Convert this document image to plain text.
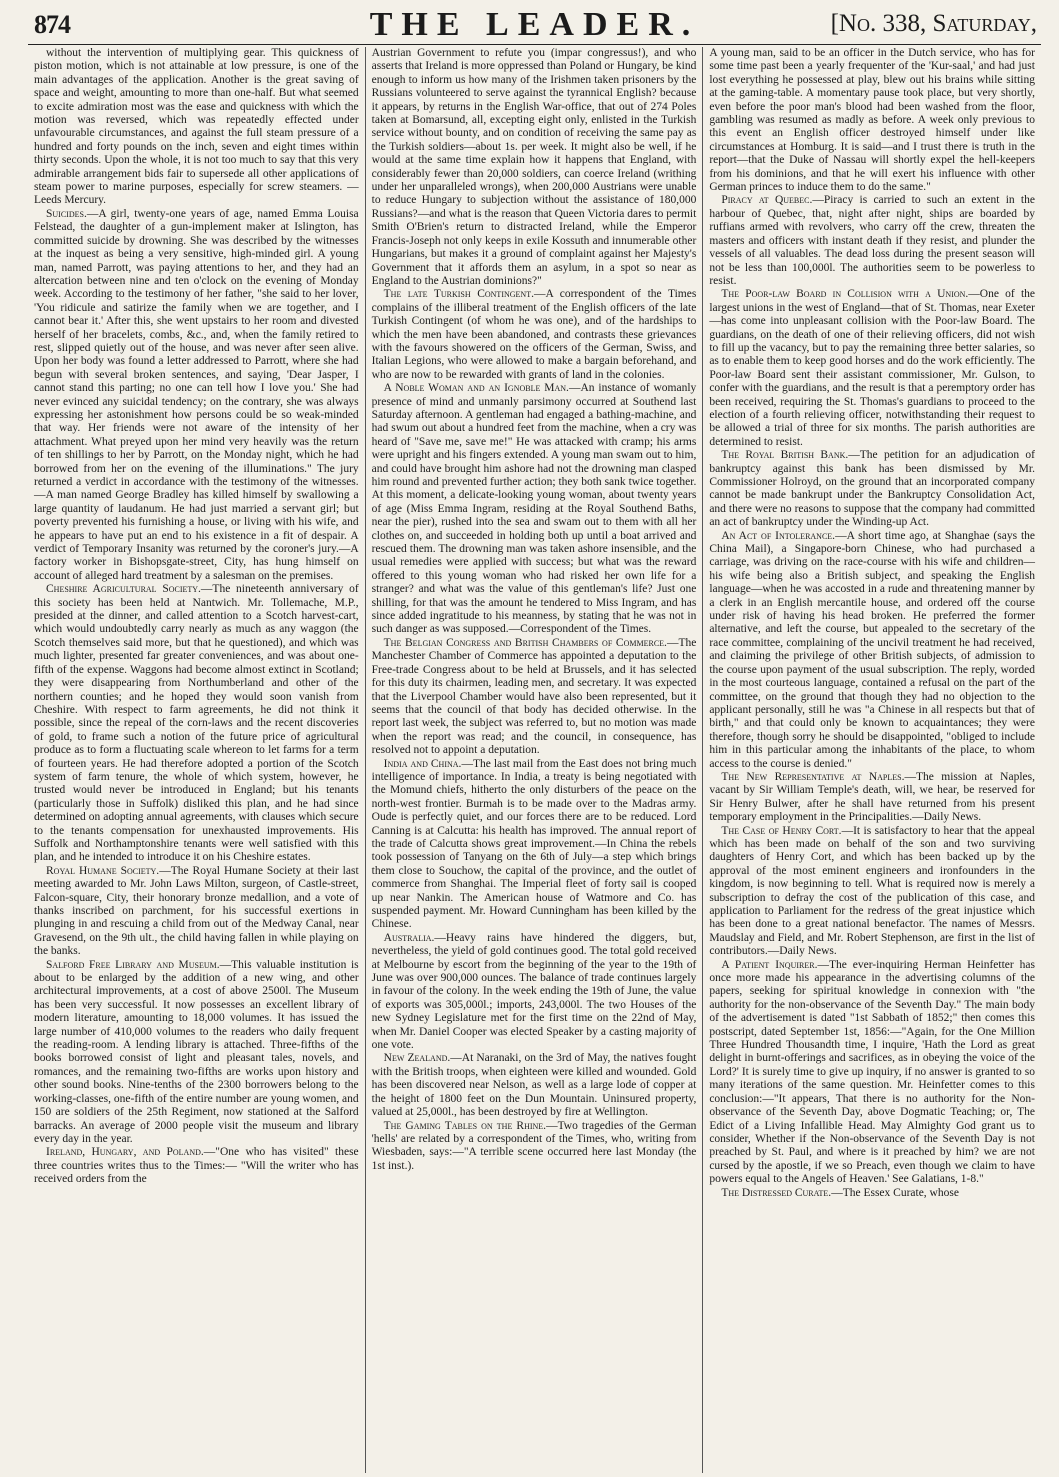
874	THE LEADER.	[No. 338, Saturday,

without the intervention of multiplying gear. This quickness of piston motion, which is not attainable at low pressure, is one of the main advantages of the application. Another is the great saving of space and weight, amounting to more than one-half. But what seemed to excite admiration most was the ease and quickness with which the motion was reversed, which was repeatedly effected under unfavourable circumstances, and against the full steam pressure of a hundred and forty pounds on the inch, seven and eight times within thirty seconds. Upon the whole, it is not too much to say that this very admirable arrangement bids fair to supersede all other applications of steam power to marine purposes, especially for screw steamers. —Leeds Mercury.

Suicides.—A girl, twenty-one years of age, named Emma Louisa Felstead, the daughter of a gun-implement maker at Islington, has committed suicide by drowning. She was described by the witnesses at the inquest as being a very sensitive, high-minded girl. A young man, named Parrott, was paying attentions to her, and they had an altercation between nine and ten o'clock on the evening of Monday week. According to the testimony of her father, "she said to her lover, 'You ridicule and satirize the family when we are together, and I cannot bear it.' After this, she went upstairs to her room and divested herself of her bracelets, combs, &c., and, when the family retired to rest, slipped quietly out of the house, and was never after seen alive. Upon her body was found a letter addressed to Parrott, where she had begun with several broken sentences, and saying, 'Dear Jasper, I cannot stand this parting; no one can tell how I love you.' She had never evinced any suicidal tendency; on the contrary, she was always expressing her astonishment how persons could be so weak-minded that way. Her friends were not aware of the intensity of her attachment. What preyed upon her mind very heavily was the return of ten shillings to her by Parrott, on the Monday night, which he had borrowed from her on the evening of the illuminations." The jury returned a verdict in accordance with the testimony of the witnesses.—A man named George Bradley has killed himself by swallowing a large quantity of laudanum. He had just married a servant girl; but poverty prevented his furnishing a house, or living with his wife, and he appears to have put an end to his existence in a fit of despair. A verdict of Temporary Insanity was returned by the coroner's jury.—A factory worker in Bishopsgate-street, City, has hung himself on account of alleged hard treatment by a salesman on the premises.

Cheshire Agricultural Society.—The nineteenth anniversary of this society has been held at Nantwich. Mr. Tollemache, M.P., presided at the dinner, and called attention to a Scotch harvest-cart, which would undoubtedly carry nearly as much as any waggon (the Scotch themselves said more, but that he questioned), and which was much lighter, presented far greater conveniences, and was about one-fifth of the expense. Waggons had become almost extinct in Scotland; they were disappearing from Northumberland and other of the northern counties; and he hoped they would soon vanish from Cheshire. With respect to farm agreements, he did not think it possible, since the repeal of the corn-laws and the recent discoveries of gold, to frame such a notion of the future price of agricultural produce as to form a fluctuating scale whereon to let farms for a term of fourteen years. He had therefore adopted a portion of the Scotch system of farm tenure, the whole of which system, however, he trusted would never be introduced in England; but his tenants (particularly those in Suffolk) disliked this plan, and he had since determined on adopting annual agreements, with clauses which secure to the tenants compensation for unexhausted improvements. His Suffolk and Northamptonshire tenants were well satisfied with this plan, and he intended to introduce it on his Cheshire estates.

Royal Humane Society.—The Royal Humane Society at their last meeting awarded to Mr. John Laws Milton, surgeon, of Castle-street, Falcon-square, City, their honorary bronze medallion, and a vote of thanks inscribed on parchment, for his successful exertions in plunging in and rescuing a child from out of the Medway Canal, near Gravesend, on the 9th ult., the child having fallen in while playing on the banks.

Salford Free Library and Museum.—This valuable institution is about to be enlarged by the addition of a new wing, and other architectural improvements, at a cost of above 2500l. The Museum has been very successful. It now possesses an excellent library of modern literature, amounting to 18,000 volumes. It has issued the large number of 410,000 volumes to the readers who daily frequent the reading-room. A lending library is attached. Three-fifths of the books borrowed consist of light and pleasant tales, novels, and romances, and the remaining two-fifths are works upon history and other sound books. Nine-tenths of the 2300 borrowers belong to the working-classes, one-fifth of the entire number are young women, and 150 are soldiers of the 25th Regiment, now stationed at the Salford barracks. An average of 2000 people visit the museum and library every day in the year.

Ireland, Hungary, and Poland.—"One who has visited" these three countries writes thus to the Times:— "Will the writer who has received orders from the

Austrian Government to refute you (impar congressus!), and who asserts that Ireland is more oppressed than Poland or Hungary, be kind enough to inform us how many of the Irishmen taken prisoners by the Russians volunteered to serve against the tyrannical English? because it appears, by returns in the English War-office, that out of 274 Poles taken at Bomarsund, all, excepting eight only, enlisted in the Turkish service without bounty, and on condition of receiving the same pay as the Turkish soldiers—about 1s. per week. It might also be well, if he would at the same time explain how it happens that England, with considerably fewer than 20,000 soldiers, can coerce Ireland (writhing under her unparalleled wrongs), when 200,000 Austrians were unable to reduce Hungary to subjection without the assistance of 180,000 Russians?—and what is the reason that Queen Victoria dares to permit Smith O'Brien's return to distracted Ireland, while the Emperor Francis-Joseph not only keeps in exile Kossuth and innumerable other Hungarians, but makes it a ground of complaint against her Majesty's Government that it affords them an asylum, in a spot so near as England to the Austrian dominions?"

The late Turkish Contingent.—A correspondent of the Times complains of the illiberal treatment of the English officers of the late Turkish Contingent (of whom he was one), and of the hardships to which the men have been abandoned, and contrasts these grievances with the favours showered on the officers of the German, Swiss, and Italian Legions, who were allowed to make a bargain beforehand, and who are now to be rewarded with grants of land in the colonies.

A Noble Woman and an Ignoble Man.—An instance of womanly presence of mind and unmanly parsimony occurred at Southend last Saturday afternoon. A gentleman had engaged a bathing-machine, and had swum out about a hundred feet from the machine, when a cry was heard of "Save me, save me!" He was attacked with cramp; his arms were upright and his fingers extended. A young man swam out to him, and could have brought him ashore had not the drowning man clasped him round and prevented further action; they both sank twice together. At this moment, a delicate-looking young woman, about twenty years of age (Miss Emma Ingram, residing at the Royal Southend Baths, near the pier), rushed into the sea and swam out to them with all her clothes on, and succeeded in holding both up until a boat arrived and rescued them. The drowning man was taken ashore insensible, and the usual remedies were applied with success; but what was the reward offered to this young woman who had risked her own life for a stranger? and what was the value of this gentleman's life? Just one shilling, for that was the amount he tendered to Miss Ingram, and has since added ingratitude to his meanness, by stating that he was not in such danger as was supposed.—Correspondent of the Times.

The Belgian Congress and British Chambers of Commerce.—The Manchester Chamber of Commerce has appointed a deputation to the Free-trade Congress about to be held at Brussels, and it has selected for this duty its chairmen, leading men, and secretary. It was expected that the Liverpool Chamber would have also been represented, but it seems that the council of that body has decided otherwise. In the report last week, the subject was referred to, but no motion was made when the report was read; and the council, in consequence, has resolved not to appoint a deputation.

India and China.—The last mail from the East does not bring much intelligence of importance. In India, a treaty is being negotiated with the Momund chiefs, hitherto the only disturbers of the peace on the north-west frontier. Burmah is to be made over to the Madras army. Oude is perfectly quiet, and our forces there are to be reduced. Lord Canning is at Calcutta: his health has improved. The annual report of the trade of Calcutta shows great improvement.—In China the rebels took possession of Tanyang on the 6th of July—a step which brings them close to Souchow, the capital of the province, and the outlet of commerce from Shanghai. The Imperial fleet of forty sail is cooped up near Nankin. The American house of Watmore and Co. has suspended payment. Mr. Howard Cunningham has been killed by the Chinese.

Australia.—Heavy rains have hindered the diggers, but, nevertheless, the yield of gold continues good. The total gold received at Melbourne by escort from the beginning of the year to the 19th of June was over 900,000 ounces. The balance of trade continues largely in favour of the colony. In the week ending the 19th of June, the value of exports was 305,000l.; imports, 243,000l. The two Houses of the new Sydney Legislature met for the first time on the 22nd of May, when Mr. Daniel Cooper was elected Speaker by a casting majority of one vote.

New Zealand.—At Naranaki, on the 3rd of May, the natives fought with the British troops, when eighteen were killed and wounded. Gold has been discovered near Nelson, as well as a large lode of copper at the height of 1800 feet on the Dun Mountain. Uninsured property, valued at 25,000l., has been destroyed by fire at Wellington.

The Gaming Tables on the Rhine.—Two tragedies of the German 'hells' are related by a correspondent of the Times, who, writing from Wiesbaden, says:—"A terrible scene occurred here last Monday (the 1st inst.).

A young man, said to be an officer in the Dutch service, who has for some time past been a yearly frequenter of the 'Kur-saal,' and had just lost everything he possessed at play, blew out his brains while sitting at the gaming-table. A momentary pause took place, but very shortly, even before the poor man's blood had been washed from the floor, gambling was resumed as madly as before. A week only previous to this event an English officer destroyed himself under like circumstances at Homburg. It is said—and I trust there is truth in the report—that the Duke of Nassau will shortly expel the hell-keepers from his dominions, and that he will exert his influence with other German princes to induce them to do the same."

Piracy at Quebec.—Piracy is carried to such an extent in the harbour of Quebec, that, night after night, ships are boarded by ruffians armed with revolvers, who carry off the crew, threaten the masters and officers with instant death if they resist, and plunder the vessels of all valuables. The dead loss during the present season will not be less than 100,000l. The authorities seem to be powerless to resist.

The Poor-law Board in Collision with a Union.—One of the largest unions in the west of England—that of St. Thomas, near Exeter—has come into unpleasant collision with the Poor-law Board. The guardians, on the death of one of their relieving officers, did not wish to fill up the vacancy, but to pay the remaining three better salaries, so as to enable them to keep good horses and do the work efficiently. The Poor-law Board sent their assistant commissioner, Mr. Gulson, to confer with the guardians, and the result is that a peremptory order has been received, requiring the St. Thomas's guardians to proceed to the election of a fourth relieving officer, notwithstanding their request to be allowed a trial of three for six months. The parish authorities are determined to resist.

The Royal British Bank.—The petition for an adjudication of bankruptcy against this bank has been dismissed by Mr. Commissioner Holroyd, on the ground that an incorporated company cannot be made bankrupt under the Bankruptcy Consolidation Act, and there were no reasons to suppose that the company had committed an act of bankruptcy under the Winding-up Act.

An Act of Intolerance.—A short time ago, at Shanghae (says the China Mail), a Singapore-born Chinese, who had purchased a carriage, was driving on the race-course with his wife and children—his wife being also a British subject, and speaking the English language—when he was accosted in a rude and threatening manner by a clerk in an English mercantile house, and ordered off the course under risk of having his head broken. He preferred the former alternative, and left the course, but appealed to the secretary of the race committee, complaining of the uncivil treatment he had received, and claiming the privilege of other British subjects, of admission to the course upon payment of the usual subscription. The reply, worded in the most courteous language, contained a refusal on the part of the committee, on the ground that though they had no objection to the applicant personally, still he was "a Chinese in all respects but that of birth," and that could only be known to acquaintances; they were therefore, though sorry he should be disappointed, "obliged to include him in this particular among the inhabitants of the place, to whom access to the course is denied."

The New Representative at Naples.—The mission at Naples, vacant by Sir William Temple's death, will, we hear, be reserved for Sir Henry Bulwer, after he shall have returned from his present temporary employment in the Principalities.—Daily News.

The Case of Henry Cort.—It is satisfactory to hear that the appeal which has been made on behalf of the son and two surviving daughters of Henry Cort, and which has been backed up by the approval of the most eminent engineers and ironfounders in the kingdom, is now beginning to tell. What is required now is merely a subscription to defray the cost of the publication of this case, and application to Parliament for the redress of the great injustice which has been done to a great national benefactor. The names of Messrs. Maudslay and Field, and Mr. Robert Stephenson, are first in the list of contributors.—Daily News.

A Patient Inquirer.—The ever-inquiring Herman Heinfetter has once more made his appearance in the advertising columns of the papers, seeking for spiritual knowledge in connexion with "the authority for the non-observance of the Seventh Day." The main body of the advertisement is dated "1st Sabbath of 1852;" then comes this postscript, dated September 1st, 1856:—"Again, for the One Million Three Hundred Thousandth time, I inquire, 'Hath the Lord as great delight in burnt-offerings and sacrifices, as in obeying the voice of the Lord?' It is surely time to give up inquiry, if no answer is granted to so many iterations of the same question. Mr. Heinfetter comes to this conclusion:—"It appears, That there is no authority for the Non-observance of the Seventh Day, above Dogmatic Teaching; or, The Edict of a Living Infallible Head. May Almighty God grant us to consider, Whether if the Non-observance of the Seventh Day is not preached by St. Paul, and where is it preached by him? we are not cursed by the apostle, if we so Preach, even though we claim to have powers equal to the Angels of Heaven.' See Galatians, 1-8."

The Distressed Curate.—The Essex Curate, whose
